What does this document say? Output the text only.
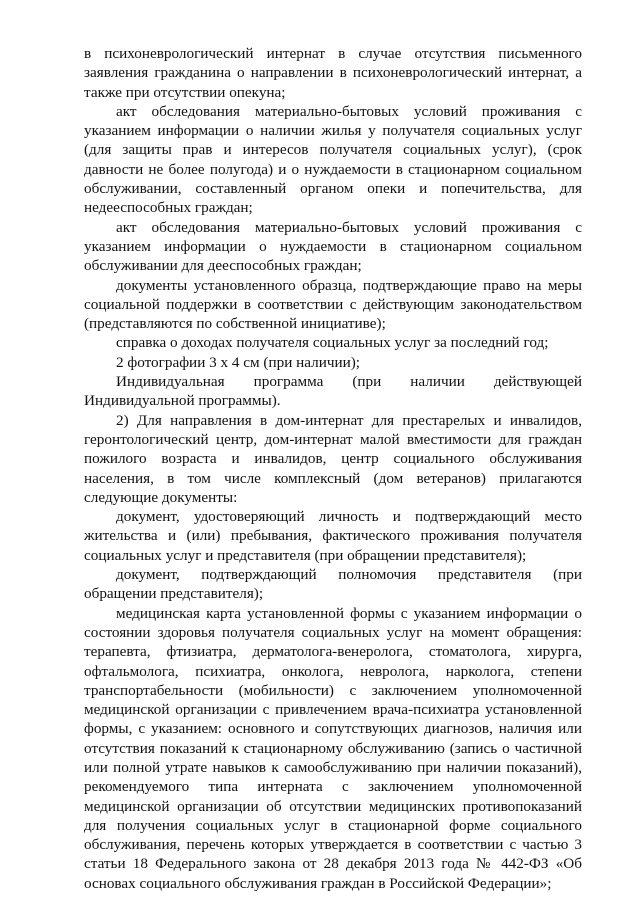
в психоневрологический интернат в случае отсутствия письменного заявления гражданина о направлении в психоневрологический интернат, а также при отсутствии опекуна;

акт обследования материально-бытовых условий проживания с указанием информации о наличии жилья у получателя социальных услуг (для защиты прав и интересов получателя социальных услуг), (срок давности не более полугода) и о нуждаемости в стационарном социальном обслуживании, составленный органом опеки и попечительства, для недееспособных граждан;

акт обследования материально-бытовых условий проживания с указанием информации о нуждаемости в стационарном социальном обслуживании для дееспособных граждан;

документы установленного образца, подтверждающие право на меры социальной поддержки в соответствии с действующим законодательством (представляются по собственной инициативе);

справка о доходах получателя социальных услуг за последний год;

2 фотографии 3 х 4 см (при наличии);

Индивидуальная программа (при наличии действующей Индивидуальной программы).

2) Для направления в дом-интернат для престарелых и инвалидов, геронтологический центр, дом-интернат малой вместимости для граждан пожилого возраста и инвалидов, центр социального обслуживания населения, в том числе комплексный (дом ветеранов) прилагаются следующие документы:

документ, удостоверяющий личность и подтверждающий место жительства и (или) пребывания, фактического проживания получателя социальных услуг и представителя (при обращении представителя);

документ, подтверждающий полномочия представителя (при обращении представителя);

медицинская карта установленной формы с указанием информации о состоянии здоровья получателя социальных услуг на момент обращения: терапевта, фтизиатра, дерматолога-венеролога, стоматолога, хирурга, офтальмолога, психиатра, онколога, невролога, нарколога, степени транспортабельности (мобильности) с заключением уполномоченной медицинской организации с привлечением врача-психиатра установленной формы, с указанием: основного и сопутствующих диагнозов, наличия или отсутствия показаний к стационарному обслуживанию (запись о частичной или полной утрате навыков к самообслуживанию при наличии показаний), рекомендуемого типа интерната с заключением уполномоченной медицинской организации об отсутствии медицинских противопоказаний для получения социальных услуг в стационарной форме социального обслуживания, перечень которых утверждается в соответствии с частью 3 статьи 18 Федерального закона от 28 декабря 2013 года № 442-ФЗ «Об основах социального обслуживания граждан в Российской Федерации»;
